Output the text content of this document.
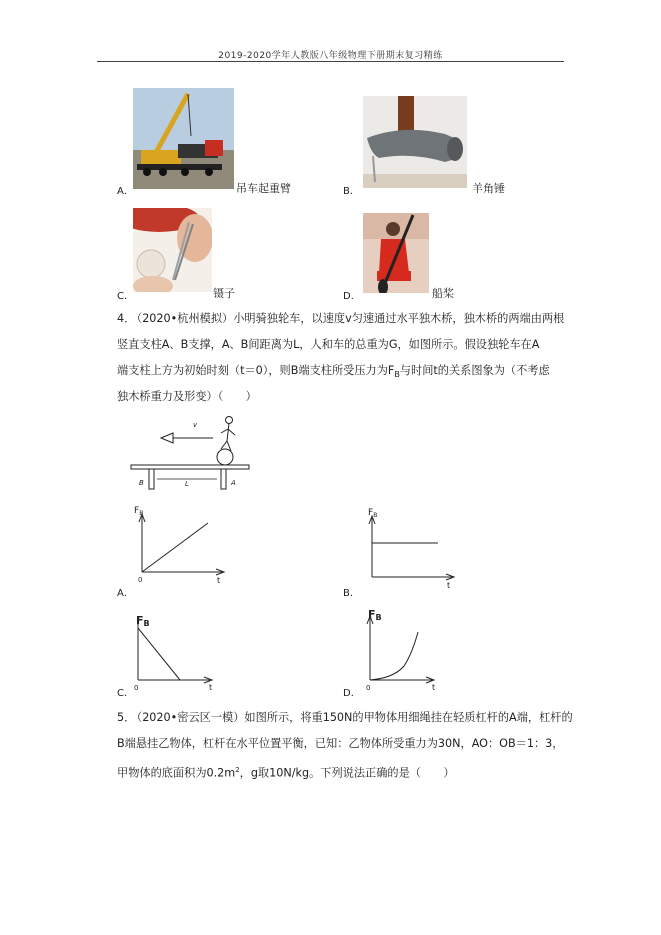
2019-2020学年人教版八年级物理下册期末复习精练
A．	吊车起重臂	B．	羊角锤
C．	镊子	D．	船桨
4．
（2020•杭州模拟）小明骑独轮车，以速度v匀速通过水平独木桥，独木桥的两端由两根
竖直支柱A、B支撑，A、B间距离为L，人和车的总重为G，如图所示。假设独轮车在A
端支柱上方为初始时刻（t＝0），则B端支柱所受压力为$F_B$与时间t的关系图象为（不考虑
独木桥重力及形变）（　　）
v
B	L	A
A．
$F_B$
0	t
B．
$F_B$
t
C．
FB
0	t
D．
FB
0	t
5．
（2020•密云区一模）如图所示，将重150N的甲物体用细绳挂在轻质杠杆的A端，杠杆的
B端悬挂乙物体，杠杆在水平位置平衡，已知：乙物体所受重力为30N，AO：OB＝1：3，
甲物体的底面积为$0.2m^2$，g取10N/kg。下列说法正确的是（　　）
